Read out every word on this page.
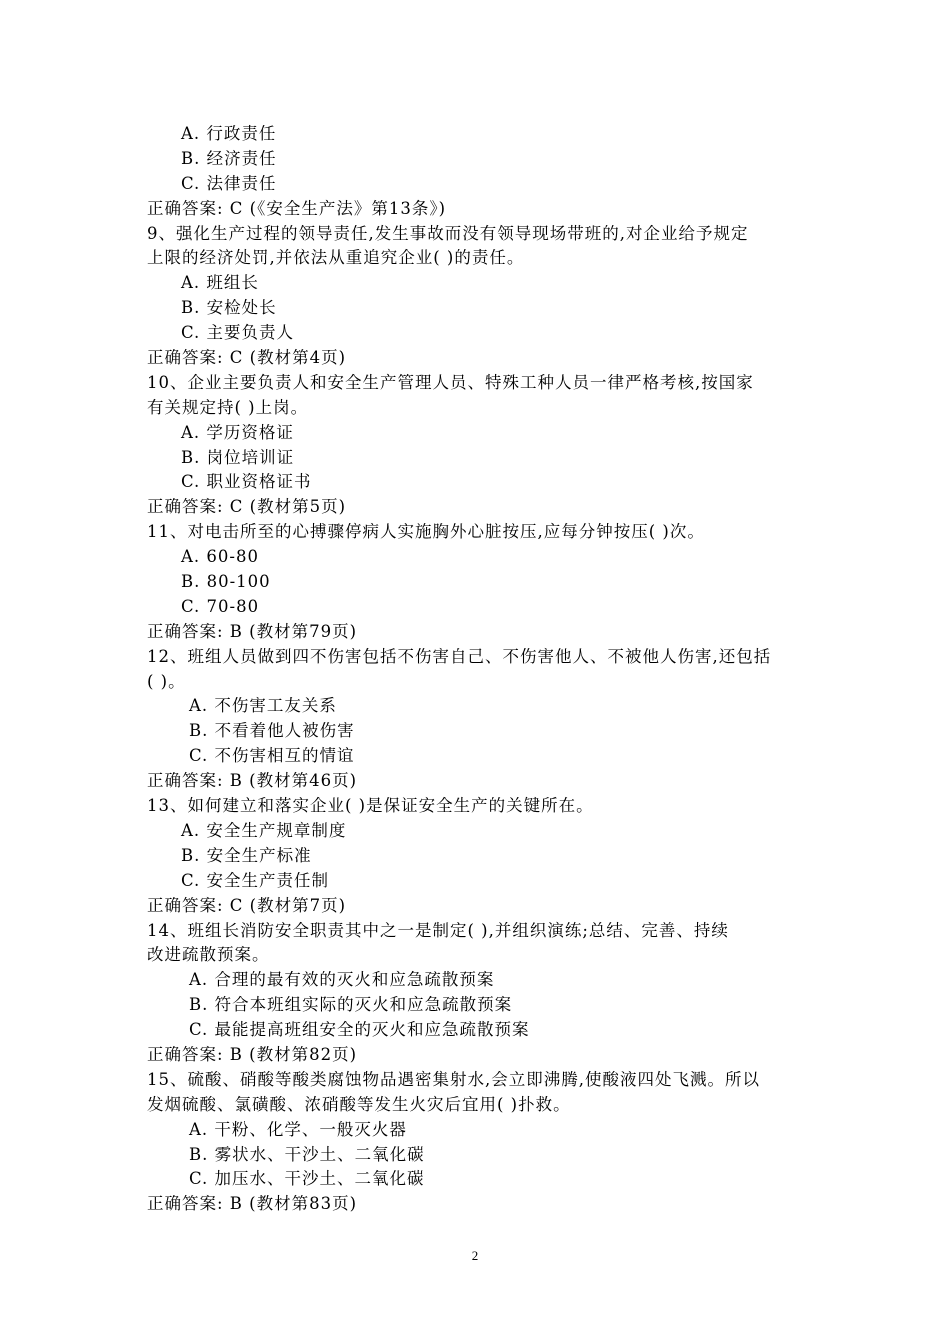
A. 行政责任
B. 经济责任
C. 法律责任
正确答案: C (《安全生产法》第13条》)
9、强化生产过程的领导责任,发生事故而没有领导现场带班的,对企业给予规定
上限的经济处罚,并依法从重追究企业( )的责任。
A. 班组长
B. 安检处长
C. 主要负责人
正确答案: C (教材第4页)
10、企业主要负责人和安全生产管理人员、特殊工种人员一律严格考核,按国家
有关规定持( )上岗。
A. 学历资格证
B. 岗位培训证
C. 职业资格证书
正确答案: C (教材第5页)
11、对电击所至的心搏骤停病人实施胸外心脏按压,应每分钟按压( )次。
A. 60-80
B. 80-100
C. 70-80
正确答案: B (教材第79页)
12、班组人员做到四不伤害包括不伤害自己、不伤害他人、不被他人伤害,还包括
( )。
A. 不伤害工友关系
B. 不看着他人被伤害
C. 不伤害相互的情谊
正确答案: B (教材第46页)
13、如何建立和落实企业( )是保证安全生产的关键所在。
A. 安全生产规章制度
B. 安全生产标准
C. 安全生产责任制
正确答案: C (教材第7页)
14、班组长消防安全职责其中之一是制定( ),并组织演练;总结、完善、持续
改进疏散预案。
A. 合理的最有效的灭火和应急疏散预案
B. 符合本班组实际的灭火和应急疏散预案
C. 最能提高班组安全的灭火和应急疏散预案
正确答案: B (教材第82页)
15、硫酸、硝酸等酸类腐蚀物品遇密集射水,会立即沸腾,使酸液四处飞溅。所以
发烟硫酸、氯磺酸、浓硝酸等发生火灾后宜用( )扑救。
A. 干粉、化学、一般灭火器
B. 雾状水、干沙土、二氧化碳
C. 加压水、干沙土、二氧化碳
正确答案: B (教材第83页)
2
